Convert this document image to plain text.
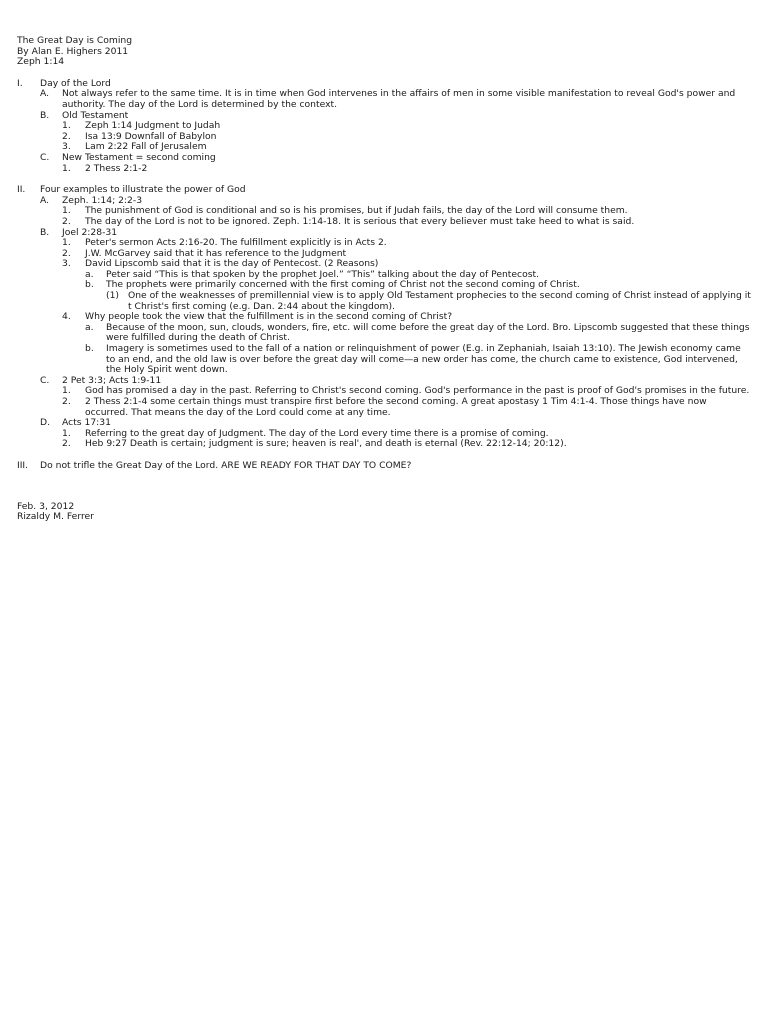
The Great Day is Coming
By Alan E. Highers 2011
Zeph 1:14
I.	Day of the Lord
A.	Not always refer to the same time. It is in time when God intervenes in the affairs of men in some visible manifestation to reveal God's power and authority. The day of the Lord is determined by the context.
B.	Old Testament
1.	Zeph 1:14 Judgment to Judah
2.	Isa 13:9 Downfall of Babylon
3.	Lam 2:22 Fall of Jerusalem
C.	New Testament = second coming
1.	2 Thess 2:1-2
II.	Four examples to illustrate the power of God
A.	Zeph. 1:14; 2:2-3
1.	The punishment of God is conditional and so is his promises, but if Judah fails, the day of the Lord will consume them.
2.	The day of the Lord is not to be ignored. Zeph. 1:14-18. It is serious that every believer must take heed to what is said.
B.	Joel 2:28-31
1.	Peter's sermon Acts 2:16-20. The fulfillment explicitly is in Acts 2.
2.	J.W. McGarvey said that it has reference to the Judgment
3.	David Lipscomb said that it is the day of Pentecost. (2 Reasons)
a.	Peter said “This is that spoken by the prophet Joel.” “This” talking about the day of Pentecost.
b.	The prophets were primarily concerned with the first coming of Christ not the second coming of Christ.
(1) One of the weaknesses of premillennial view is to apply Old Testament prophecies to the second coming of Christ instead of applying it t Christ's first coming (e.g. Dan. 2:44 about the kingdom).
4.	Why people took the view that the fulfillment is in the second coming of Christ?
a.	Because of the moon, sun, clouds, wonders, fire, etc. will come before the great day of the Lord. Bro. Lipscomb suggested that these things were fulfilled during the death of Christ.
b.	Imagery is sometimes used to the fall of a nation or relinquishment of power (E.g. in Zephaniah, Isaiah 13:10). The Jewish economy came to an end, and the old law is over before the great day will come—a new order has come, the church came to existence, God intervened, the Holy Spirit went down.
C.	2 Pet 3:3; Acts 1:9-11
1.	God has promised a day in the past. Referring to Christ's second coming. God's performance in the past is proof of God's promises in the future.
2.	2 Thess 2:1-4 some certain things must transpire first before the second coming. A great apostasy 1 Tim 4:1-4. Those things have now occurred. That means the day of the Lord could come at any time.
D.	Acts 17:31
1.	Referring to the great day of Judgment. The day of the Lord every time there is a promise of coming.
2.	Heb 9:27 Death is certain; judgment is sure; heaven is real', and death is eternal (Rev. 22:12-14; 20:12).
III.	Do not trifle the Great Day of the Lord. ARE WE READY FOR THAT DAY TO COME?
Feb. 3, 2012
Rizaldy M. Ferrer
